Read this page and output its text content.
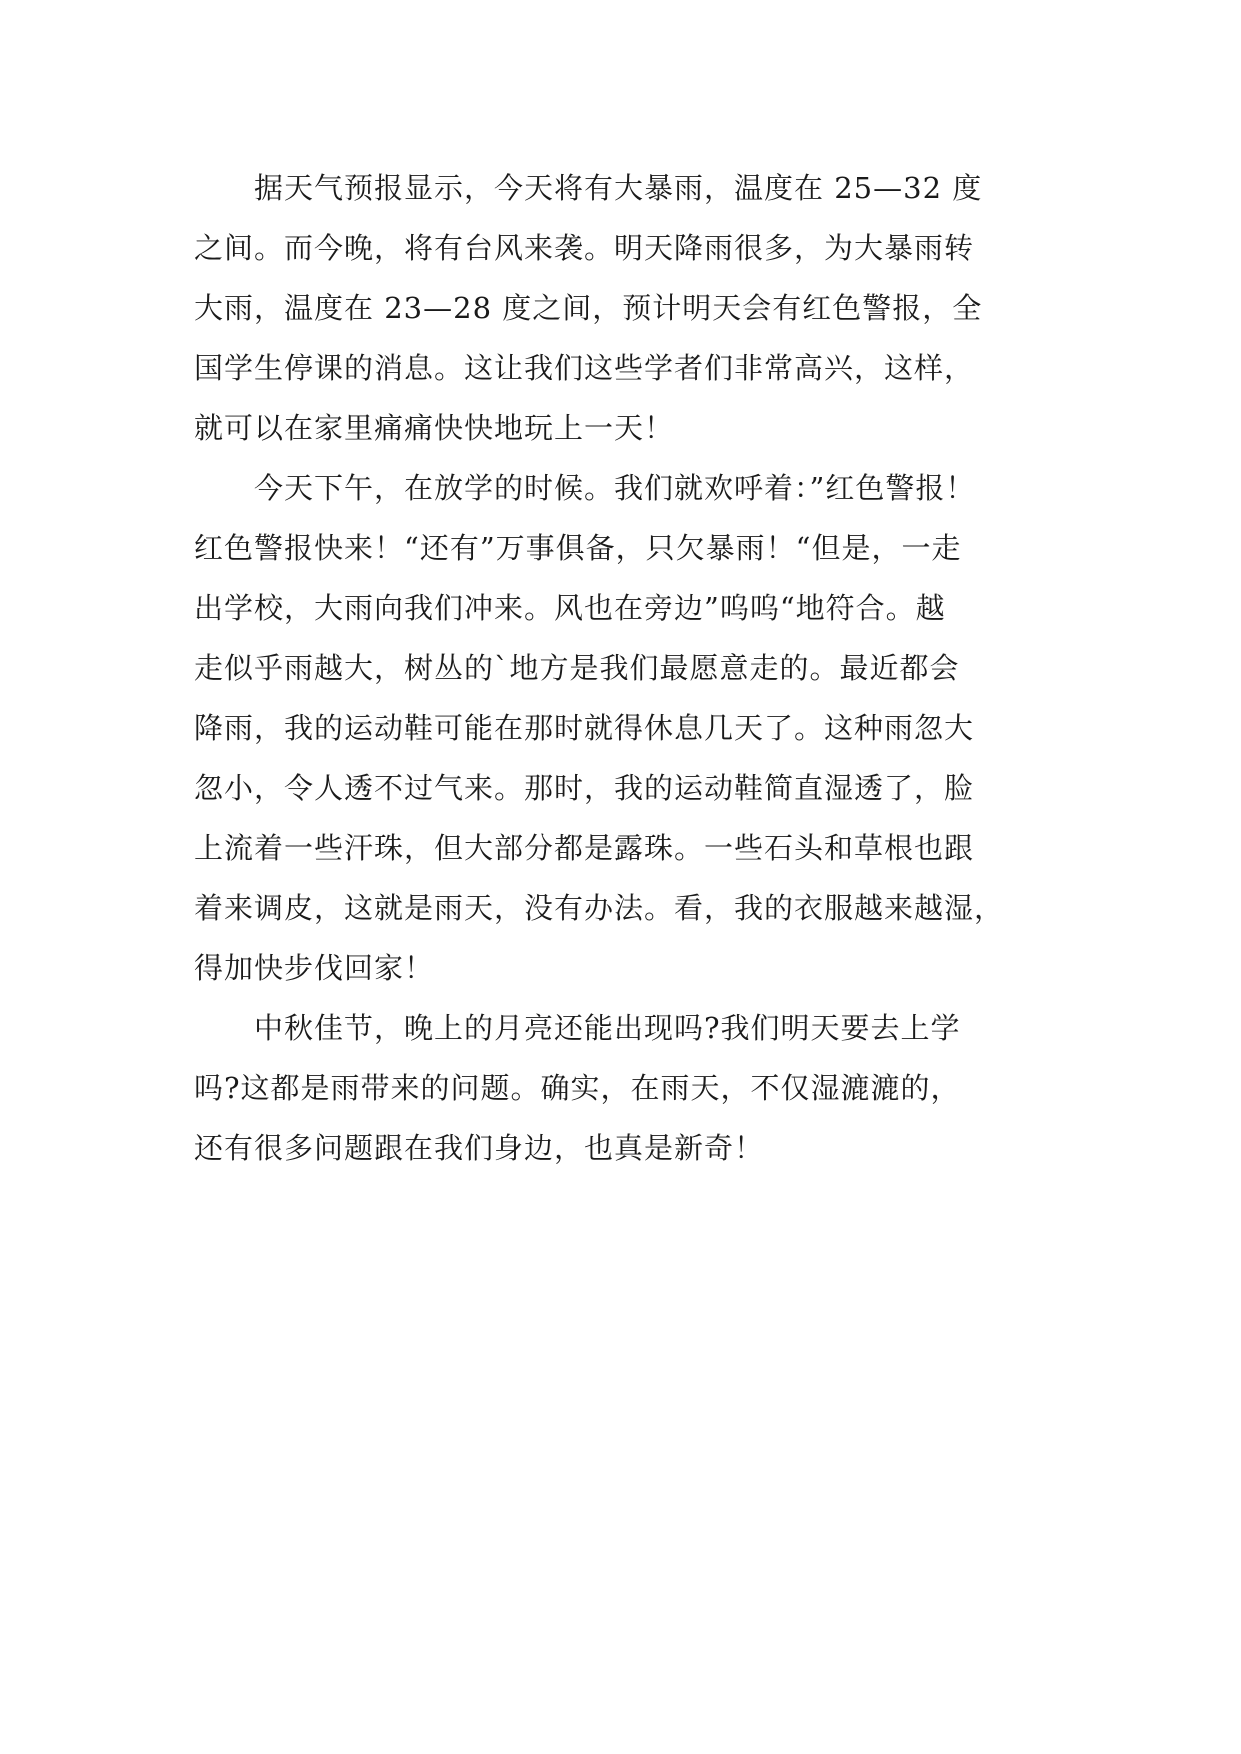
　　据天气预报显示，今天将有大暴雨，温度在 25—32 度
之间。而今晚，将有台风来袭。明天降雨很多，为大暴雨转
大雨，温度在 23—28 度之间，预计明天会有红色警报，全
国学生停课的消息。这让我们这些学者们非常高兴，这样，
就可以在家里痛痛快快地玩上一天！
　　今天下午，在放学的时候。我们就欢呼着：”红色警报！
红色警报快来！“还有”万事俱备，只欠暴雨！“但是，一走
出学校，大雨向我们冲来。风也在旁边”呜呜“地符合。越
走似乎雨越大，树丛的`地方是我们最愿意走的。最近都会
降雨，我的运动鞋可能在那时就得休息几天了。这种雨忽大
忽小，令人透不过气来。那时，我的运动鞋简直湿透了，脸
上流着一些汗珠，但大部分都是露珠。一些石头和草根也跟
着来调皮，这就是雨天，没有办法。看，我的衣服越来越湿，
得加快步伐回家！
　　中秋佳节，晚上的月亮还能出现吗?我们明天要去上学
吗?这都是雨带来的问题。确实，在雨天，不仅湿漉漉的，
还有很多问题跟在我们身边，也真是新奇！
